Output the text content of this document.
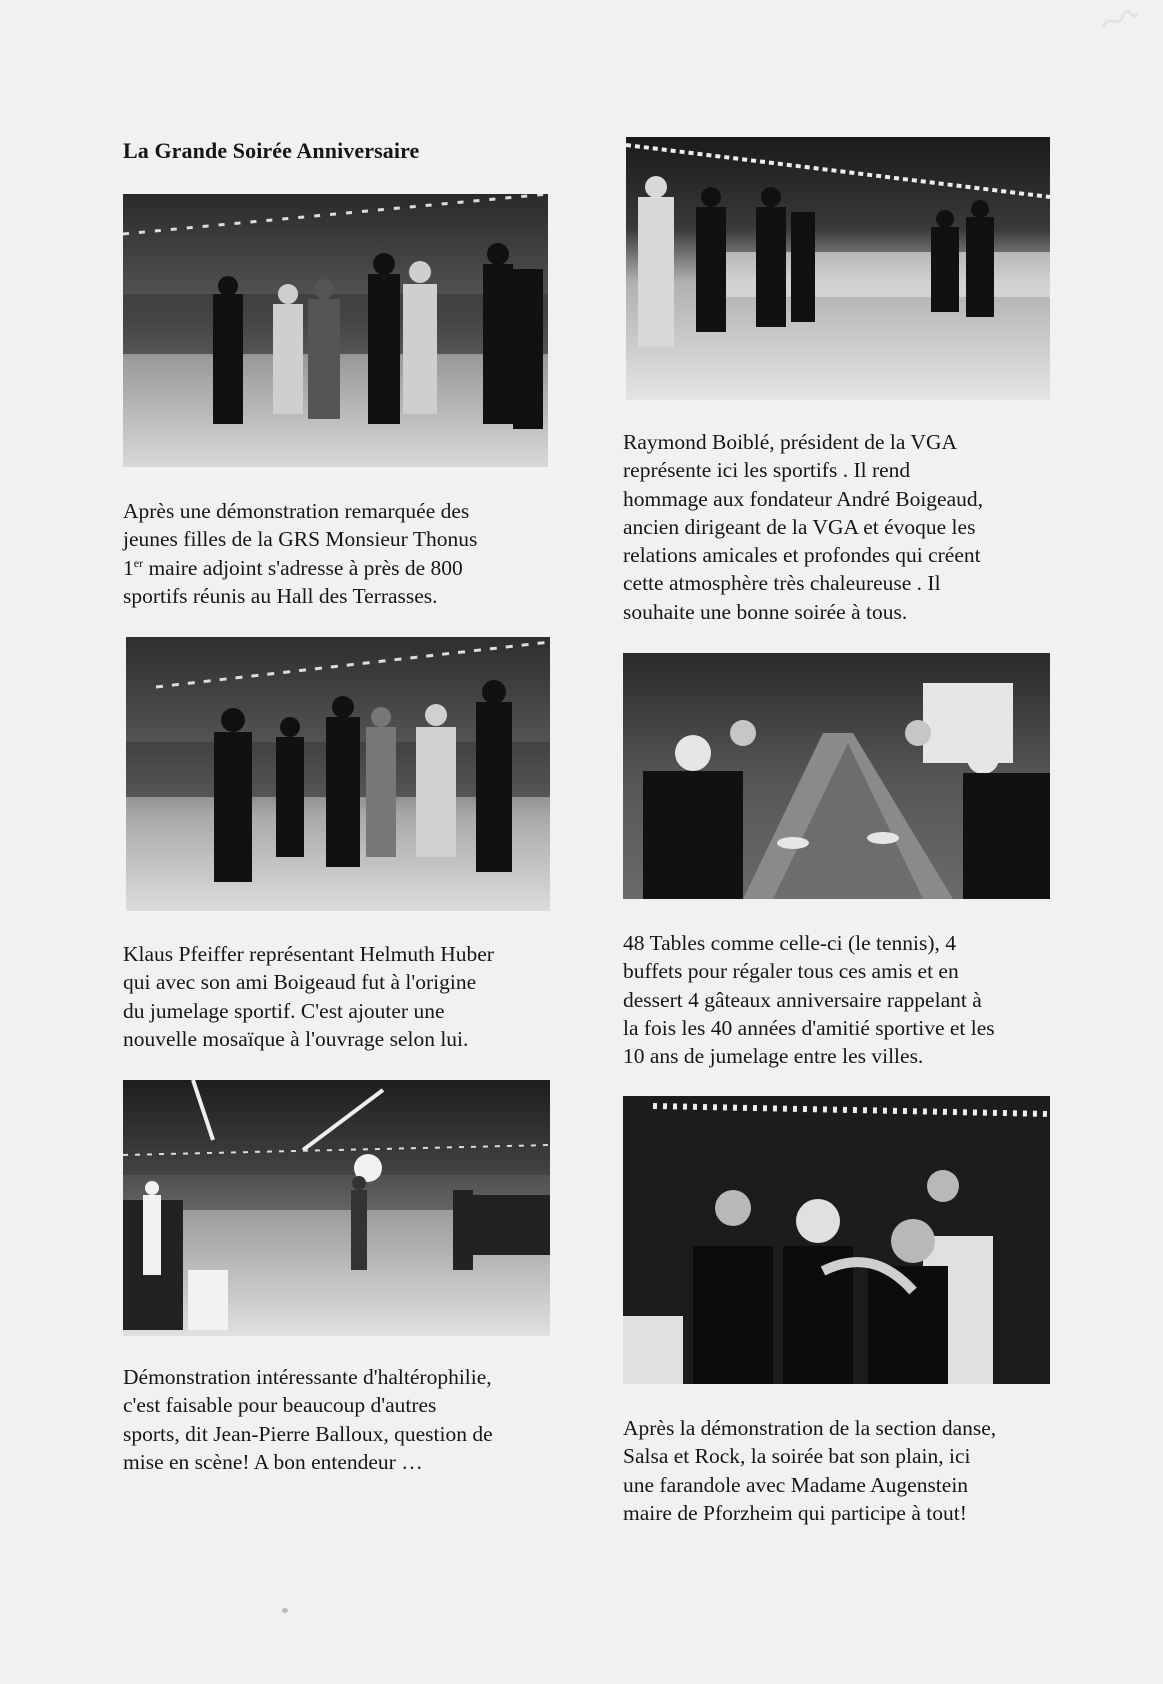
La Grande Soirée Anniversaire
Après une démonstration remarquée des
jeunes filles de la GRS Monsieur Thonus
1er maire adjoint s'adresse à près de 800
sportifs réunis au Hall des Terrasses.
Klaus Pfeiffer représentant Helmuth Huber
qui avec son ami Boigeaud fut à l'origine
du jumelage sportif. C'est ajouter une
nouvelle mosaïque à l'ouvrage selon lui.
Démonstration intéressante d'haltérophilie,
c'est faisable pour beaucoup d'autres
sports, dit Jean-Pierre Balloux, question de
mise en scène! A bon entendeur …
Raymond Boiblé, président de la VGA
représente ici les sportifs . Il rend
hommage aux fondateur André Boigeaud,
ancien dirigeant de la VGA et évoque les
relations amicales et profondes qui créent
cette atmosphère très chaleureuse . Il
souhaite une bonne soirée à tous.
48 Tables comme celle-ci (le tennis), 4
buffets pour régaler tous ces amis et en
dessert 4 gâteaux anniversaire rappelant à
la fois les 40 années d'amitié sportive et les
10 ans de jumelage entre les villes.
Après la démonstration de la section danse,
Salsa et Rock, la soirée bat son plain, ici
une farandole avec Madame Augenstein
maire de Pforzheim qui participe à tout!
